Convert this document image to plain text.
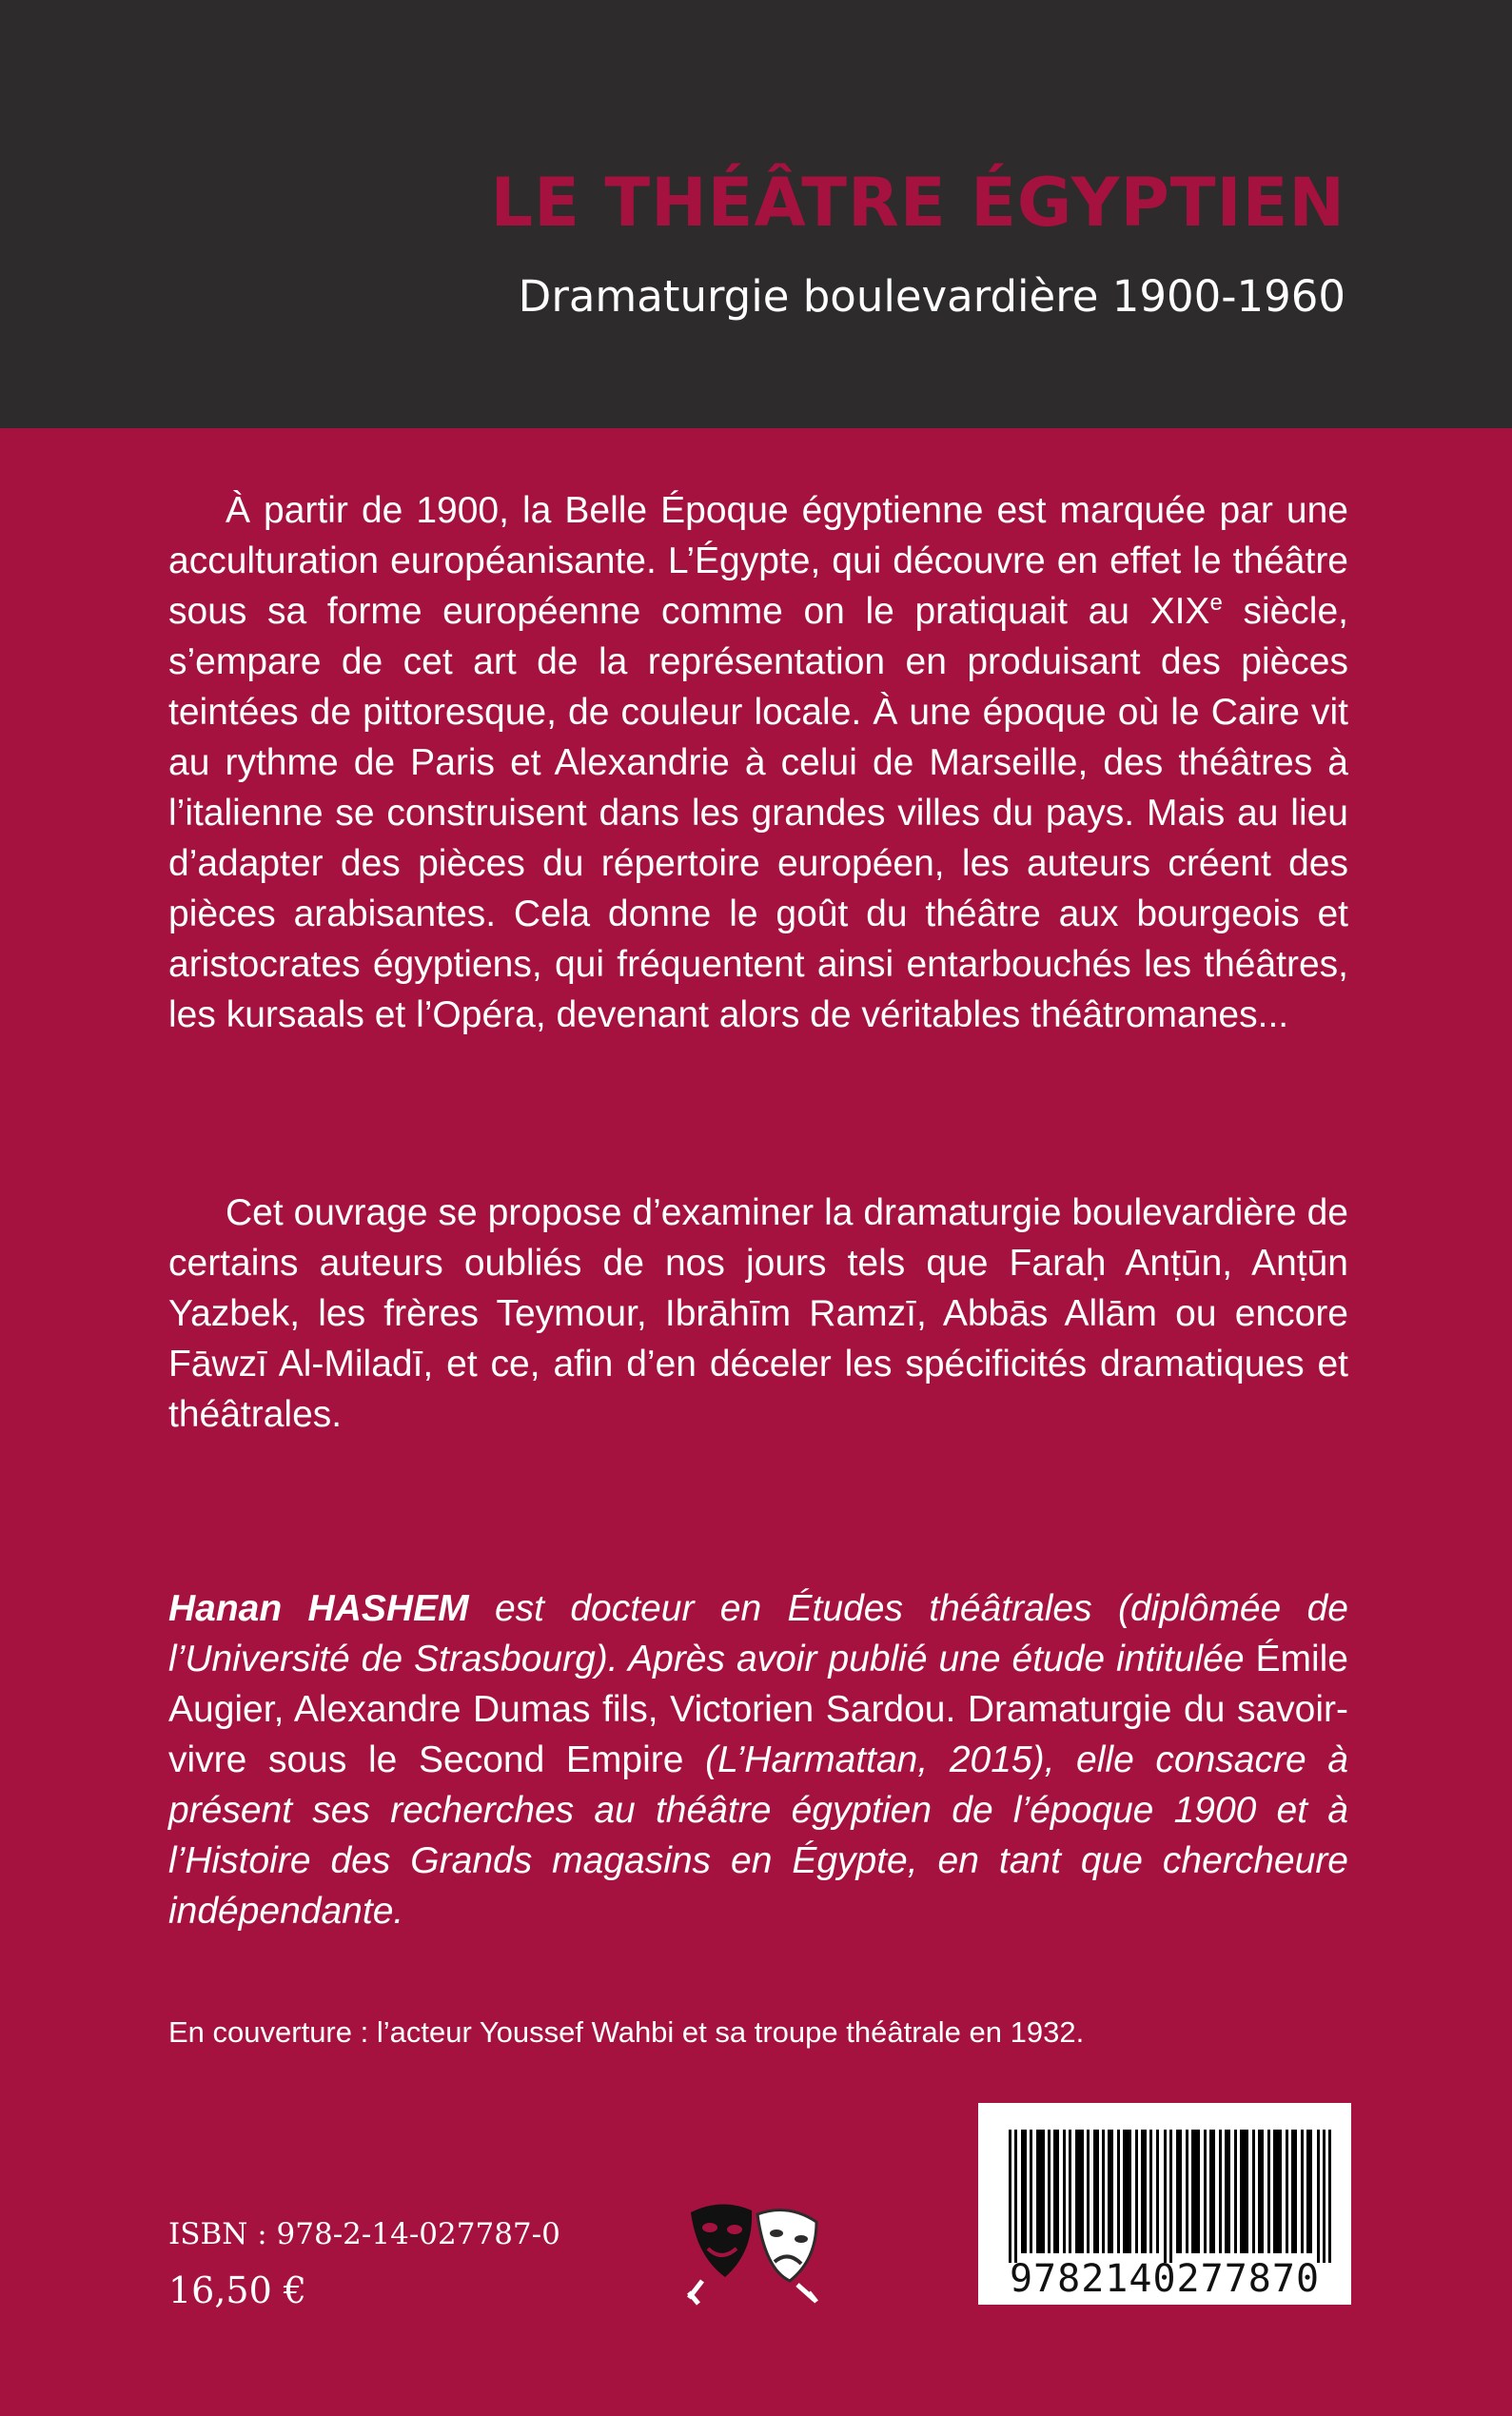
LE THÉÂTRE ÉGYPTIEN
Dramaturgie boulevardière 1900-1960

À partir de 1900, la Belle Époque égyptienne est marquée par une acculturation européanisante. L’Égypte, qui découvre en effet le théâtre sous sa forme européenne comme on le pratiquait au XIXe siècle, s’empare de cet art de la représentation en produisant des pièces teintées de pittoresque, de couleur locale. À une époque où le Caire vit au rythme de Paris et Alexandrie à celui de Marseille, des théâtres à l’italienne se construisent dans les grandes villes du pays. Mais au lieu d’adapter des pièces du répertoire européen, les auteurs créent des pièces arabisantes. Cela donne le goût du théâtre aux bourgeois et aristocrates égyptiens, qui fréquentent ainsi entarbouchés les théâtres, les kursaals et l’Opéra, devenant alors de véritables théâtromanes...

Cet ouvrage se propose d’examiner la dramaturgie boulevardière de certains auteurs oubliés de nos jours tels que Faraḥ Anṭūn, Anṭūn Yazbek, les frères Teymour, Ibrāhīm Ramzī, Abbās Allām ou encore Fāwzī Al-Miladī, et ce, afin d’en déceler les spécificités dramatiques et théâtrales.

Hanan HASHEM est docteur en Études théâtrales (diplômée de l’Université de Strasbourg). Après avoir publié une étude intitulée Émile Augier, Alexandre Dumas fils, Victorien Sardou. Dramaturgie du savoir-vivre sous le Second Empire (L’Harmattan, 2015), elle consacre à présent ses recherches au théâtre égyptien de l’époque 1900 et à l’Histoire des Grands magasins en Égypte, en tant que chercheure indépendante.

En couverture : l’acteur Youssef Wahbi et sa troupe théâtrale en 1932.
ISBN : 978-2-14-027787-0
16,50 €	9782140277870
